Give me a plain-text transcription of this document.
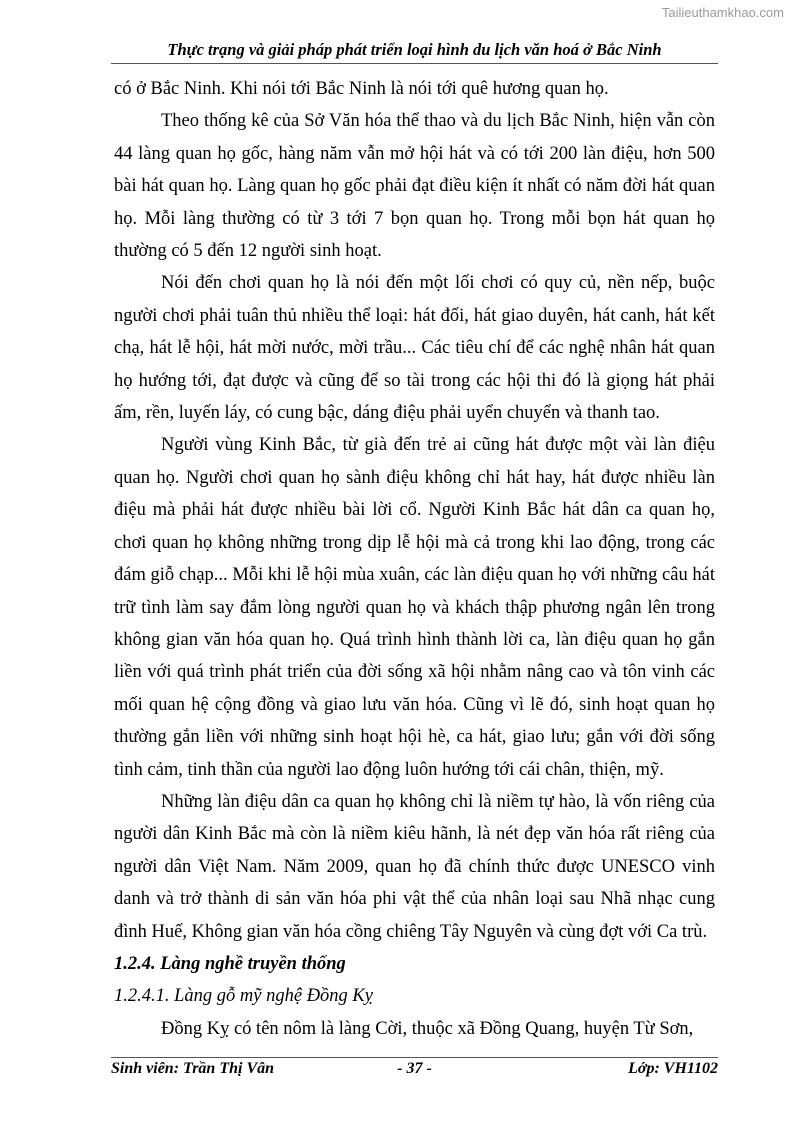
Tailieuthamkhao.com
Thực trạng và giải pháp phát triển loại hình du lịch văn hoá ở Bắc Ninh

có ở Bắc Ninh. Khi nói tới Bắc Ninh là nói tới quê hương quan họ.

Theo thống kê của Sở Văn hóa thể thao và du lịch Bắc Ninh, hiện vẫn còn 44 làng quan họ gốc, hàng năm vẫn mở hội hát và có tới 200 làn điệu, hơn 500 bài hát quan họ. Làng quan họ gốc phải đạt điều kiện ít nhất có năm đời hát quan họ. Mỗi làng thường có từ 3 tới 7 bọn quan họ. Trong mỗi bọn hát quan họ thường có 5 đến 12 người sinh hoạt.

Nói đến chơi quan họ là nói đến một lối chơi có quy củ, nền nếp, buộc người chơi phải tuân thủ nhiều thể loại: hát đối, hát giao duyên, hát canh, hát kết chạ, hát lễ hội, hát mời nước, mời trầu... Các tiêu chí để các nghệ nhân hát quan họ hướng tới, đạt được và cũng để so tài trong các hội thi đó là giọng hát phải ấm, rền, luyến láy, có cung bậc, dáng điệu phải uyển chuyển và thanh tao.

Người vùng Kinh Bắc, từ già đến trẻ ai cũng hát được một vài làn điệu quan họ. Người chơi quan họ sành điệu không chỉ hát hay, hát được nhiều làn điệu mà phải hát được nhiều bài lời cổ. Người Kinh Bắc hát dân ca quan họ, chơi quan họ không những trong dịp lễ hội mà cả trong khi lao động, trong các đám giỗ chạp... Mỗi khi lễ hội mùa xuân, các làn điệu quan họ với những câu hát trữ tình làm say đắm lòng người quan họ và khách thập phương ngân lên trong không gian văn hóa quan họ. Quá trình hình thành lời ca, làn điệu quan họ gắn liền với quá trình phát triển của đời sống xã hội nhằm nâng cao và tôn vinh các mối quan hệ cộng đồng và giao lưu văn hóa. Cũng vì lẽ đó, sinh hoạt quan họ thường gắn liền với những sinh hoạt hội hè, ca hát, giao lưu; gắn với đời sống tình cảm, tinh thần của người lao động luôn hướng tới cái chân, thiện, mỹ.

Những làn điệu dân ca quan họ không chỉ là niềm tự hào, là vốn riêng của người dân Kinh Bắc mà còn là niềm kiêu hãnh, là nét đẹp văn hóa rất riêng của người dân Việt Nam. Năm 2009, quan họ đã chính thức được UNESCO vinh danh và trở thành di sản văn hóa phi vật thể của nhân loại sau Nhã nhạc cung đình Huế, Không gian văn hóa cồng chiêng Tây Nguyên và cùng đợt với Ca trù.

1.2.4. Làng nghề truyền thống

1.2.4.1. Làng gỗ mỹ nghệ Đồng Kỵ

Đồng Kỵ có tên nôm là làng Cời, thuộc xã Đồng Quang, huyện Từ Sơn,

Sinh viên: Trần Thị Vân	- 37 -	Lớp: VH1102
